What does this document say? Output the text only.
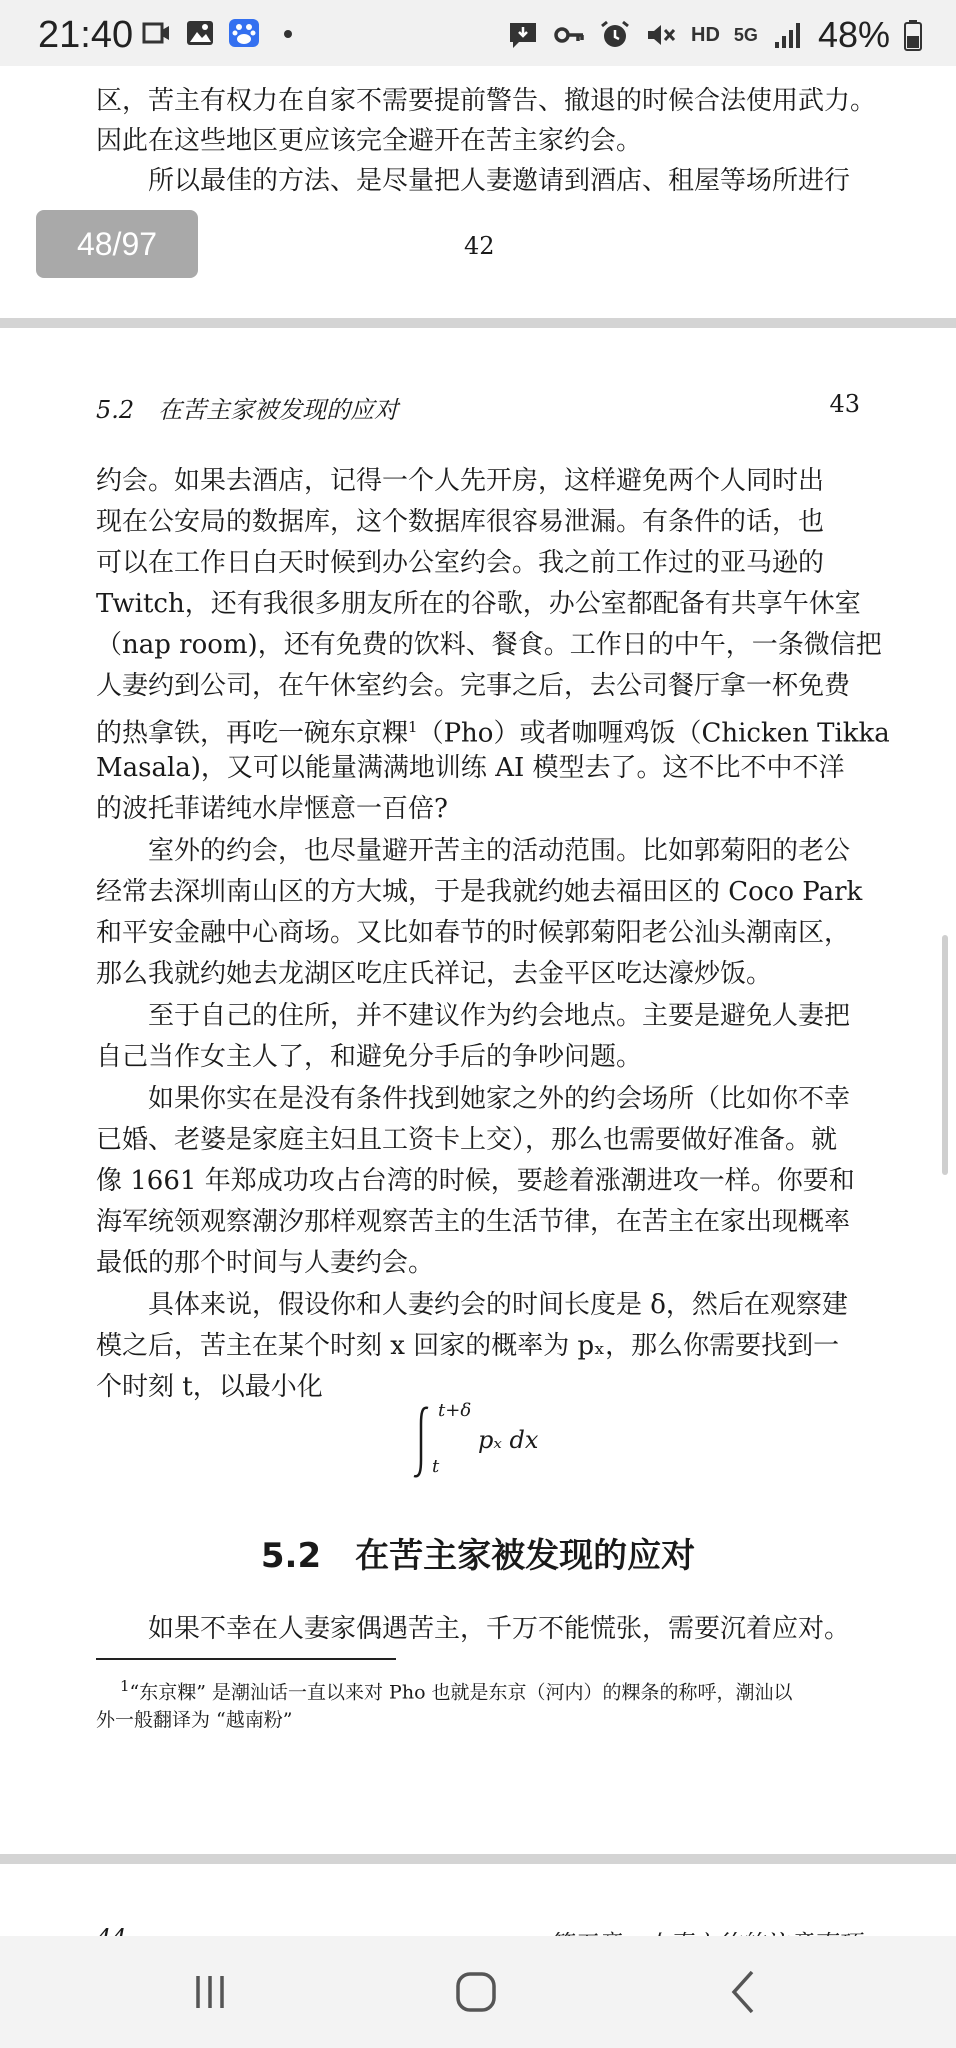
21:40	HD 5G 48%
区，苦主有权力在自家不需要提前警告、撤退的时候合法使用武力。
因此在这些地区更应该完全避开在苦主家约会。
所以最佳的方法、是尽量把人妻邀请到酒店、租屋等场所进行
42
48/97
5.2　在苦主家被发现的应对	43
约会。如果去酒店，记得一个人先开房，这样避免两个人同时出
现在公安局的数据库，这个数据库很容易泄漏。有条件的话，也
可以在工作日白天时候到办公室约会。我之前工作过的亚马逊的
Twitch，还有我很多朋友所在的谷歌，办公室都配备有共享午休室
（nap room)，还有免费的饮料、餐食。工作日的中午，一条微信把
人妻约到公司，在午休室约会。完事之后，去公司餐厅拿一杯免费
的热拿铁，再吃一碗东京粿$^1$（Pho）或者咖喱鸡饭（Chicken Tikka
Masala)，又可以能量满满地训练 AI 模型去了。这不比不中不洋
的波托菲诺纯水岸惬意一百倍?
室外的约会，也尽量避开苦主的活动范围。比如郭菊阳的老公
经常去深圳南山区的方大城，于是我就约她去福田区的 Coco Park
和平安金融中心商场。又比如春节的时候郭菊阳老公汕头潮南区，
那么我就约她去龙湖区吃庄氏祥记，去金平区吃达濠炒饭。
至于自己的住所，并不建议作为约会地点。主要是避免人妻把
自己当作女主人了，和避免分手后的争吵问题。
如果你实在是没有条件找到她家之外的约会场所（比如你不幸
已婚、老婆是家庭主妇且工资卡上交），那么也需要做好准备。就
像 1661 年郑成功攻占台湾的时候，要趁着涨潮进攻一样。你要和
海军统领观察潮汐那样观察苦主的生活节律，在苦主在家出现概率
最低的那个时间与人妻约会。
具体来说，假设你和人妻约会的时间长度是 δ，然后在观察建
模之后，苦主在某个时刻 x 回家的概率为 pₓ，那么你需要找到一
个时刻 t，以最小化
t+δ
t
pₓ dx
5.2　在苦主家被发现的应对
如果不幸在人妻家偶遇苦主，千万不能慌张，需要沉着应对。
$^1$“东京粿” 是潮汕话一直以来对 Pho 也就是东京（河内）的粿条的称呼，潮汕以
外一般翻译为 “越南粉”
